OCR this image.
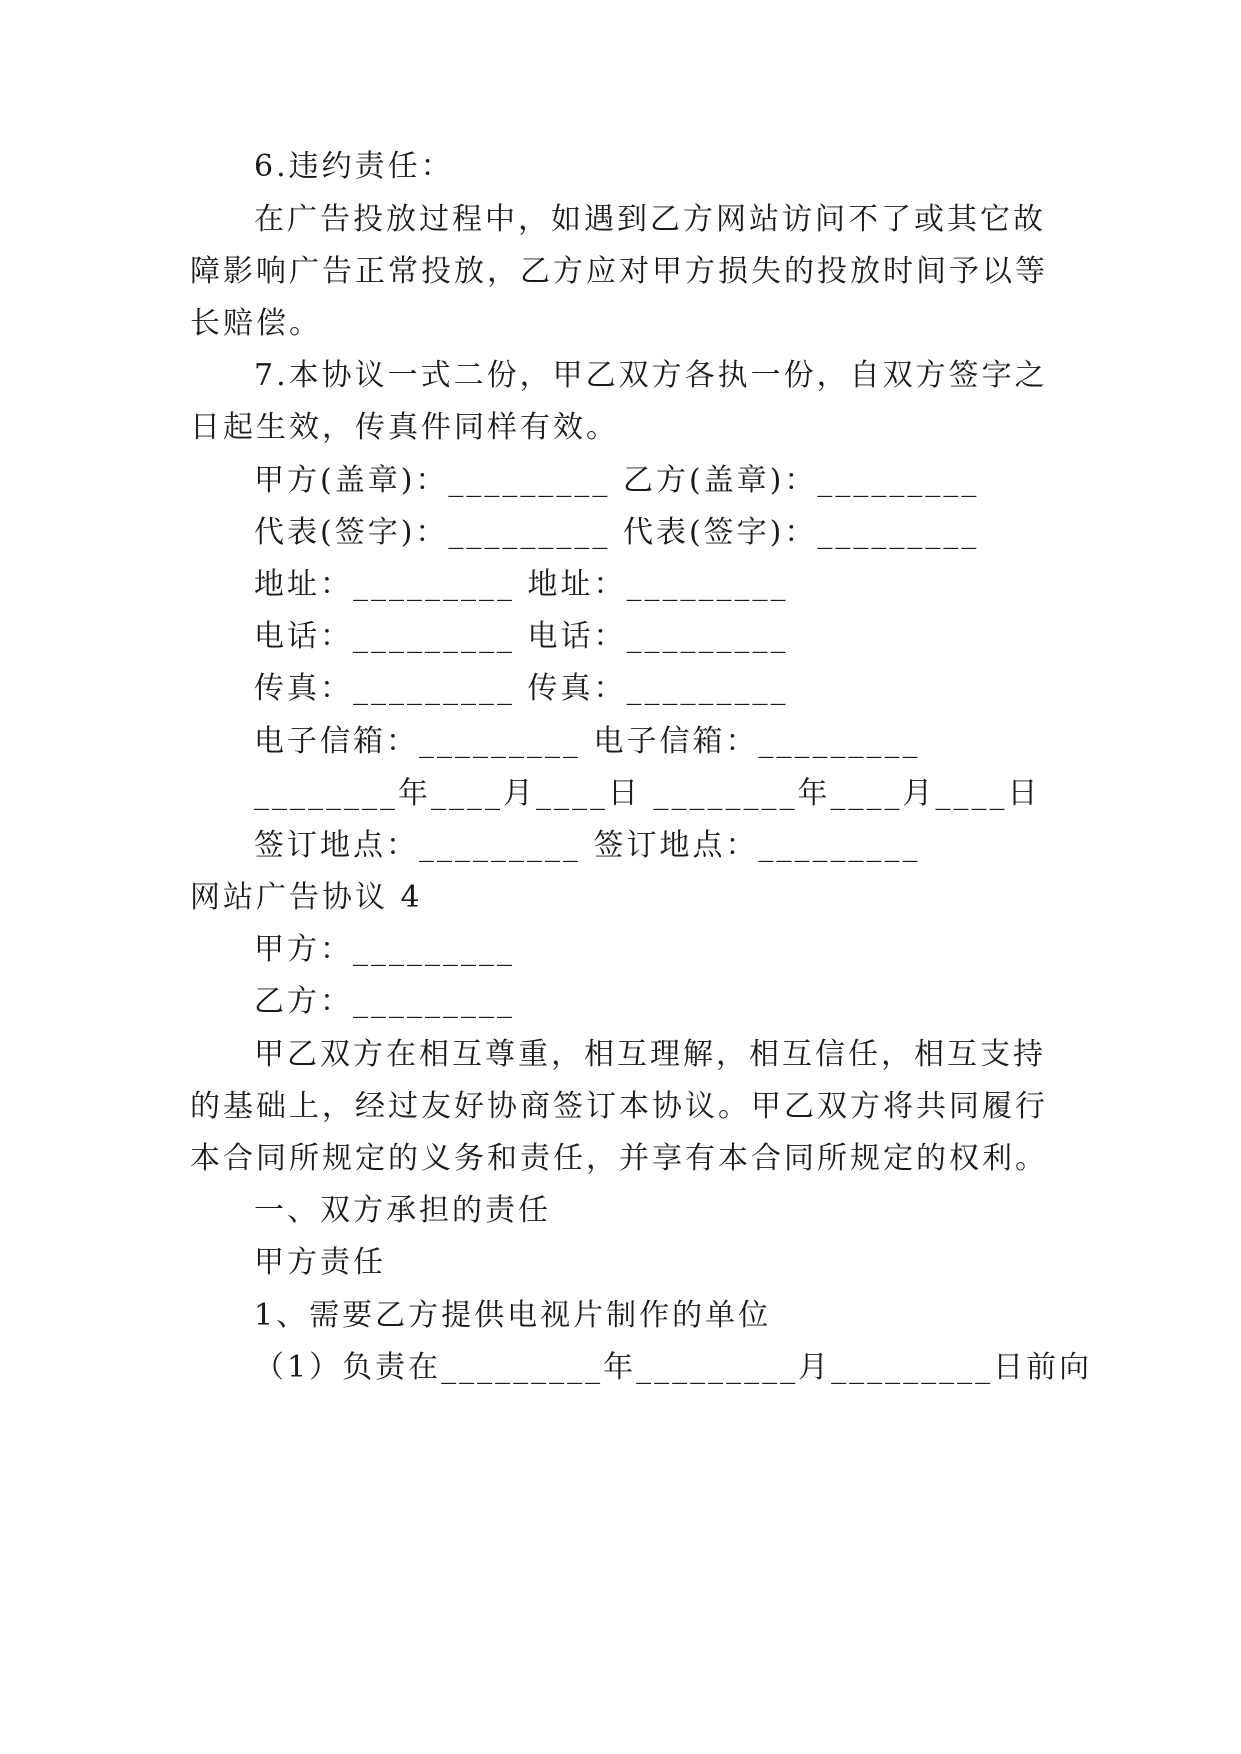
6.违约责任：
在广告投放过程中，如遇到乙方网站访问不了或其它故
障影响广告正常投放，乙方应对甲方损失的投放时间予以等
长赔偿。
7.本协议一式二份，甲乙双方各执一份，自双方签字之
日起生效，传真件同样有效。
甲方(盖章)：_________ 乙方(盖章)：_________
代表(签字)：_________ 代表(签字)：_________
地址：_________ 地址：_________
电话：_________ 电话：_________
传真：_________ 传真：_________
电子信箱：_________ 电子信箱：_________
________年____月____日 ________年____月____日
签订地点：_________ 签订地点：_________
网站广告协议 4
甲方：_________
乙方：_________
甲乙双方在相互尊重，相互理解，相互信任，相互支持
的基础上，经过友好协商签订本协议。甲乙双方将共同履行
本合同所规定的义务和责任，并享有本合同所规定的权利。
一、双方承担的责任
甲方责任
1、需要乙方提供电视片制作的单位
（1）负责在_________年_________月_________日前向
